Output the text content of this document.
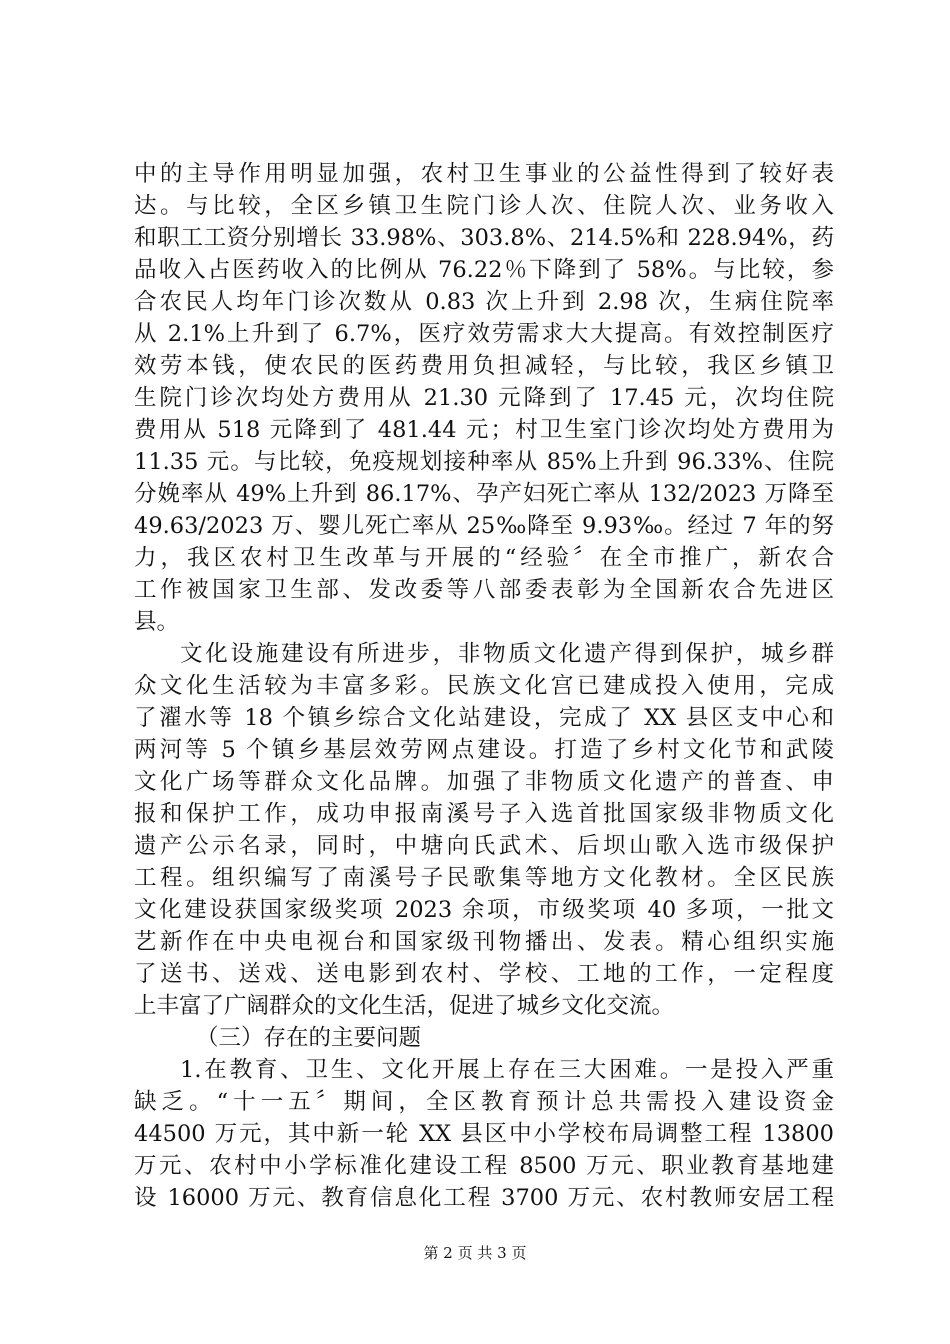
中的主导作用明显加强，农村卫生事业的公益性得到了较好表
达。与比较，全区乡镇卫生院门诊人次、住院人次、业务收入
和职工工资分别增长 33.98%、303.8%、214.5%和 228.94%，药
品收入占医药收入的比例从 76.22％下降到了 58%。与比较，参
合农民人均年门诊次数从 0.83 次上升到 2.98 次，生病住院率
从 2.1%上升到了 6.7%，医疗效劳需求大大提高。有效控制医疗
效劳本钱，使农民的医药费用负担减轻，与比较，我区乡镇卫
生院门诊次均处方费用从 21.30 元降到了 17.45 元，次均住院
费用从 518 元降到了 481.44 元；村卫生室门诊次均处方费用为
11.35 元。与比较，免疫规划接种率从 85%上升到 96.33%、住院
分娩率从 49%上升到 86.17%、孕产妇死亡率从 132/2023 万降至
49.63/2023 万、婴儿死亡率从 25‰降至 9.93‰。经过 7 年的努
力，我区农村卫生改革与开展的“经验〞在全市推广，新农合
工作被国家卫生部、发改委等八部委表彰为全国新农合先进区
县。
文化设施建设有所进步，非物质文化遗产得到保护，城乡群
众文化生活较为丰富多彩。民族文化宫已建成投入使用，完成
了濯水等 18 个镇乡综合文化站建设，完成了 XX 县区支中心和
两河等 5 个镇乡基层效劳网点建设。打造了乡村文化节和武陵
文化广场等群众文化品牌。加强了非物质文化遗产的普查、申
报和保护工作，成功申报南溪号子入选首批国家级非物质文化
遗产公示名录，同时，中塘向氏武术、后坝山歌入选市级保护
工程。组织编写了南溪号子民歌集等地方文化教材。全区民族
文化建设获国家级奖项 2023 余项，市级奖项 40 多项，一批文
艺新作在中央电视台和国家级刊物播出、发表。精心组织实施
了送书、送戏、送电影到农村、学校、工地的工作，一定程度
上丰富了广阔群众的文化生活，促进了城乡文化交流。
（三）存在的主要问题
1.在教育、卫生、文化开展上存在三大困难。一是投入严重
缺乏。“十一五〞期间，全区教育预计总共需投入建设资金
44500 万元，其中新一轮 XX 县区中小学校布局调整工程 13800
万元、农村中小学标准化建设工程 8500 万元、职业教育基地建
设 16000 万元、教育信息化工程 3700 万元、农村教师安居工程
第 2 页 共 3 页
